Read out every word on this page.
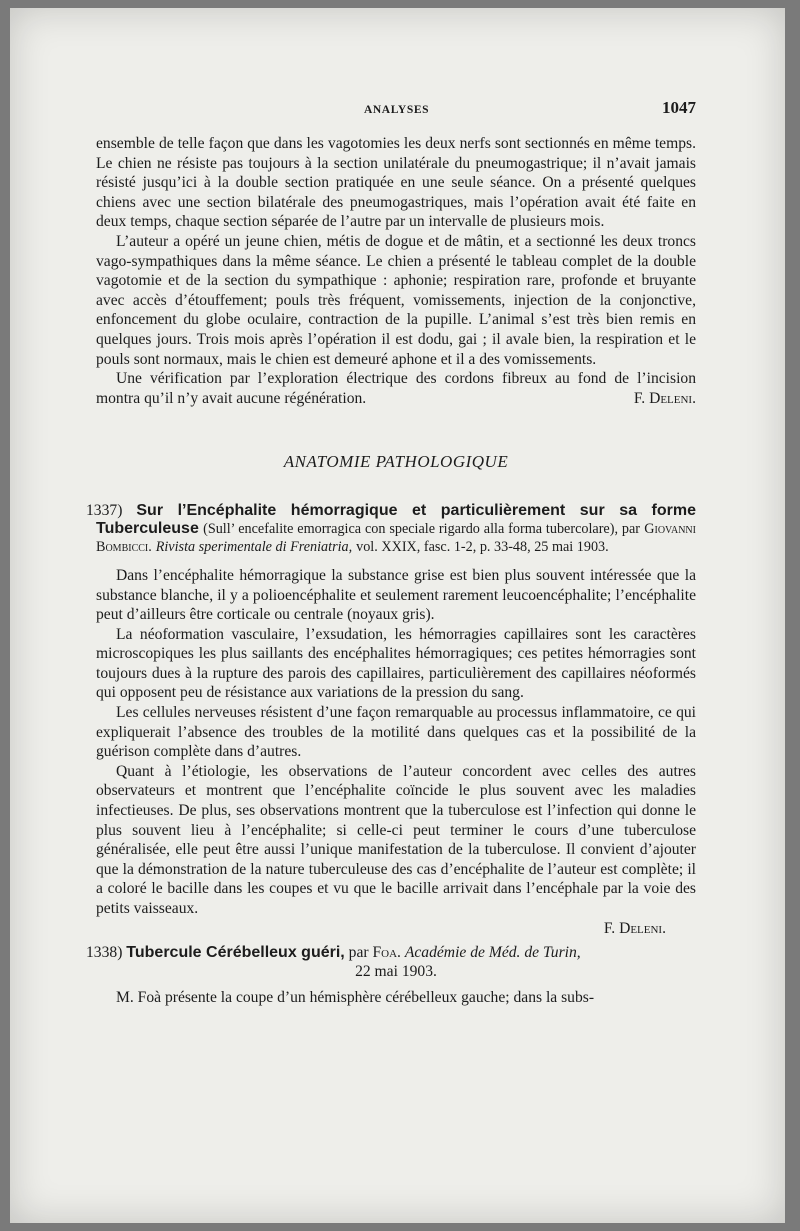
ANALYSES	1047

ensemble de telle façon que dans les vagotomies les deux nerfs sont sectionnés en même temps. Le chien ne résiste pas toujours à la section unilatérale du pneumogastrique; il n’avait jamais résisté jusqu’ici à la double section pratiquée en une seule séance. On a présenté quelques chiens avec une section bilatérale des pneumogastriques, mais l’opération avait été faite en deux temps, chaque section séparée de l’autre par un intervalle de plusieurs mois.

L’auteur a opéré un jeune chien, métis de dogue et de mâtin, et a sectionné les deux troncs vago-sympathiques dans la même séance. Le chien a présenté le tableau complet de la double vagotomie et de la section du sympathique : aphonie; respiration rare, profonde et bruyante avec accès d’étouffement; pouls très fréquent, vomissements, injection de la conjonctive, enfoncement du globe oculaire, contraction de la pupille. L’animal s’est très bien remis en quelques jours. Trois mois après l’opération il est dodu, gai ; il avale bien, la respiration et le pouls sont normaux, mais le chien est demeuré aphone et il a des vomissements.

Une vérification par l’exploration électrique des cordons fibreux au fond de l’incision montra qu’il n’y avait aucune régénération.	F. Deleni.

ANATOMIE PATHOLOGIQUE

1337) Sur l’Encéphalite hémorragique et particulièrement sur sa forme Tuberculeuse (Sull’ encefalite emorragica con speciale rigardo alla forma tubercolare), par Giovanni Bombicci. Rivista sperimentale di Freniatria, vol. XXIX, fasc. 1-2, p. 33-48, 25 mai 1903.

Dans l’encéphalite hémorragique la substance grise est bien plus souvent intéressée que la substance blanche, il y a polioencéphalite et seulement rarement leucoencéphalite; l’encéphalite peut d’ailleurs être corticale ou centrale (noyaux gris).

La néoformation vasculaire, l’exsudation, les hémorragies capillaires sont les caractères microscopiques les plus saillants des encéphalites hémorragiques; ces petites hémorragies sont toujours dues à la rupture des parois des capillaires, particulièrement des capillaires néoformés qui opposent peu de résistance aux variations de la pression du sang.

Les cellules nerveuses résistent d’une façon remarquable au processus inflammatoire, ce qui expliquerait l’absence des troubles de la motilité dans quelques cas et la possibilité de la guérison complète dans d’autres.

Quant à l’étiologie, les observations de l’auteur concordent avec celles des autres observateurs et montrent que l’encéphalite coïncide le plus souvent avec les maladies infectieuses. De plus, ses observations montrent que la tuberculose est l’infection qui donne le plus souvent lieu à l’encéphalite; si celle-ci peut terminer le cours d’une tuberculose généralisée, elle peut être aussi l’unique manifestation de la tuberculose. Il convient d’ajouter que la démonstration de la nature tuberculeuse des cas d’encéphalite de l’auteur est complète; il a coloré le bacille dans les coupes et vu que le bacille arrivait dans l’encéphale par la voie des petits vaisseaux.

F. Deleni.

1338) Tubercule Cérébelleux guéri, par Foa. Académie de Méd. de Turin,

22 mai 1903.

M. Foà présente la coupe d’un hémisphère cérébelleux gauche; dans la subs-
